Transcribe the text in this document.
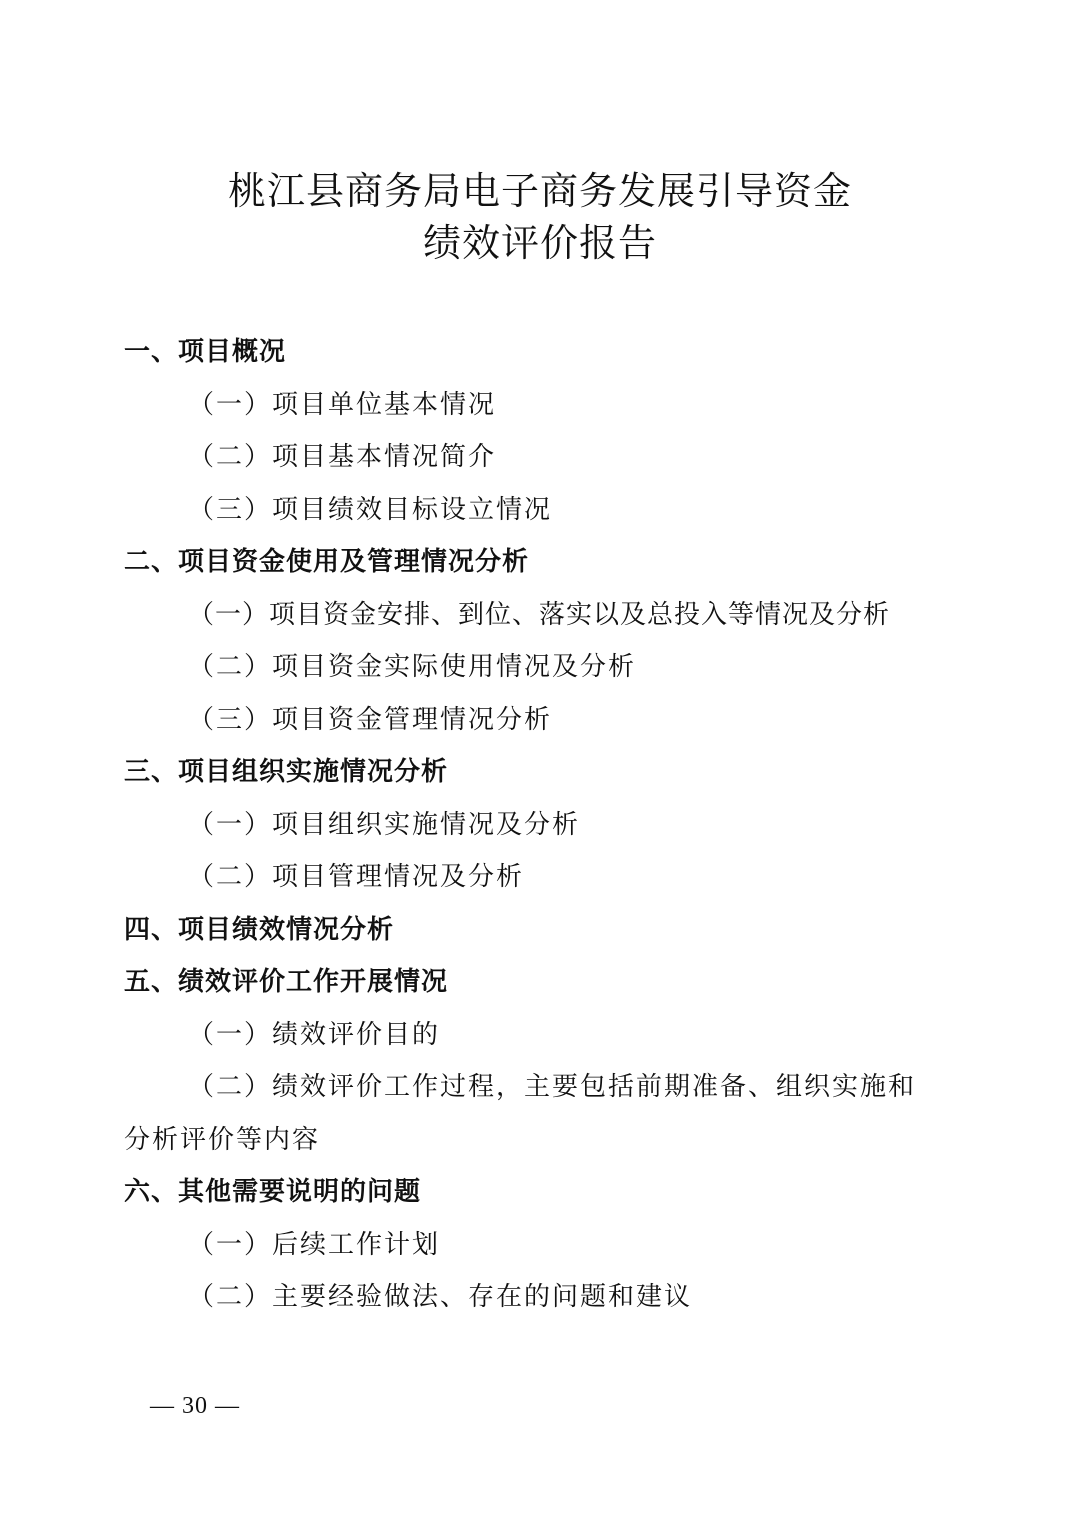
桃江县商务局电子商务发展引导资金
绩效评价报告
一、项目概况
（一）项目单位基本情况
（二）项目基本情况简介
（三）项目绩效目标设立情况
二、项目资金使用及管理情况分析
（一）项目资金安排、到位、落实以及总投入等情况及分析
（二）项目资金实际使用情况及分析
（三）项目资金管理情况分析
三、项目组织实施情况分析
（一）项目组织实施情况及分析
（二）项目管理情况及分析
四、项目绩效情况分析
五、绩效评价工作开展情况
（一）绩效评价目的
（二）绩效评价工作过程，主要包括前期准备、组织实施和分析评价等内容
六、其他需要说明的问题
（一）后续工作计划
（二）主要经验做法、存在的问题和建议
— 30 —
